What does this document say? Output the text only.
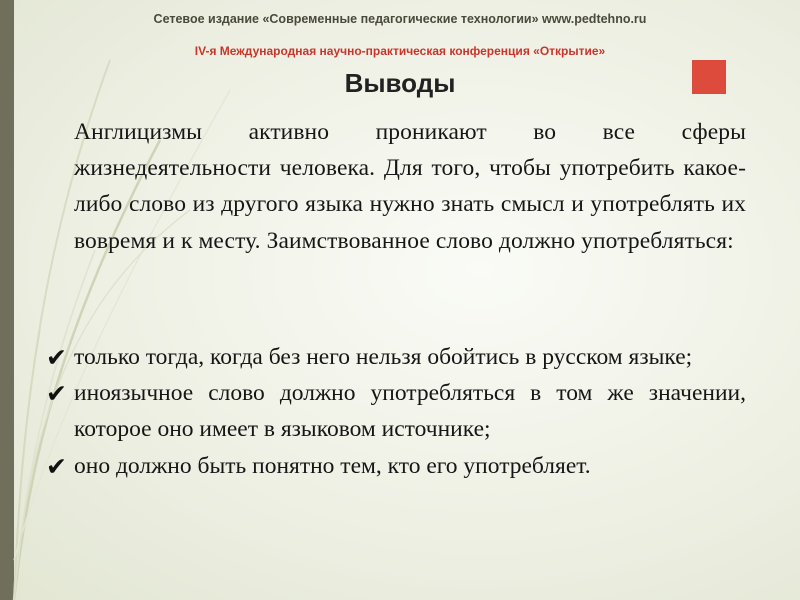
Сетевое издание «Современные педагогические технологии» www.pedtehno.ru
IV-я Международная научно-практическая конференция «Открытие»
Выводы

Англицизмы активно проникают во все сферы жизнедеятельности человека. Для того, чтобы употребить какое-либо слово из другого языка нужно знать смысл и употреблять их вовремя и к месту. Заимствованное слово должно употребляться:

✔ только тогда, когда без него нельзя обойтись в русском языке;
✔ иноязычное слово должно употребляться в том же значении, которое оно имеет в языковом источнике;
✔ оно должно быть понятно тем, кто его употребляет.
